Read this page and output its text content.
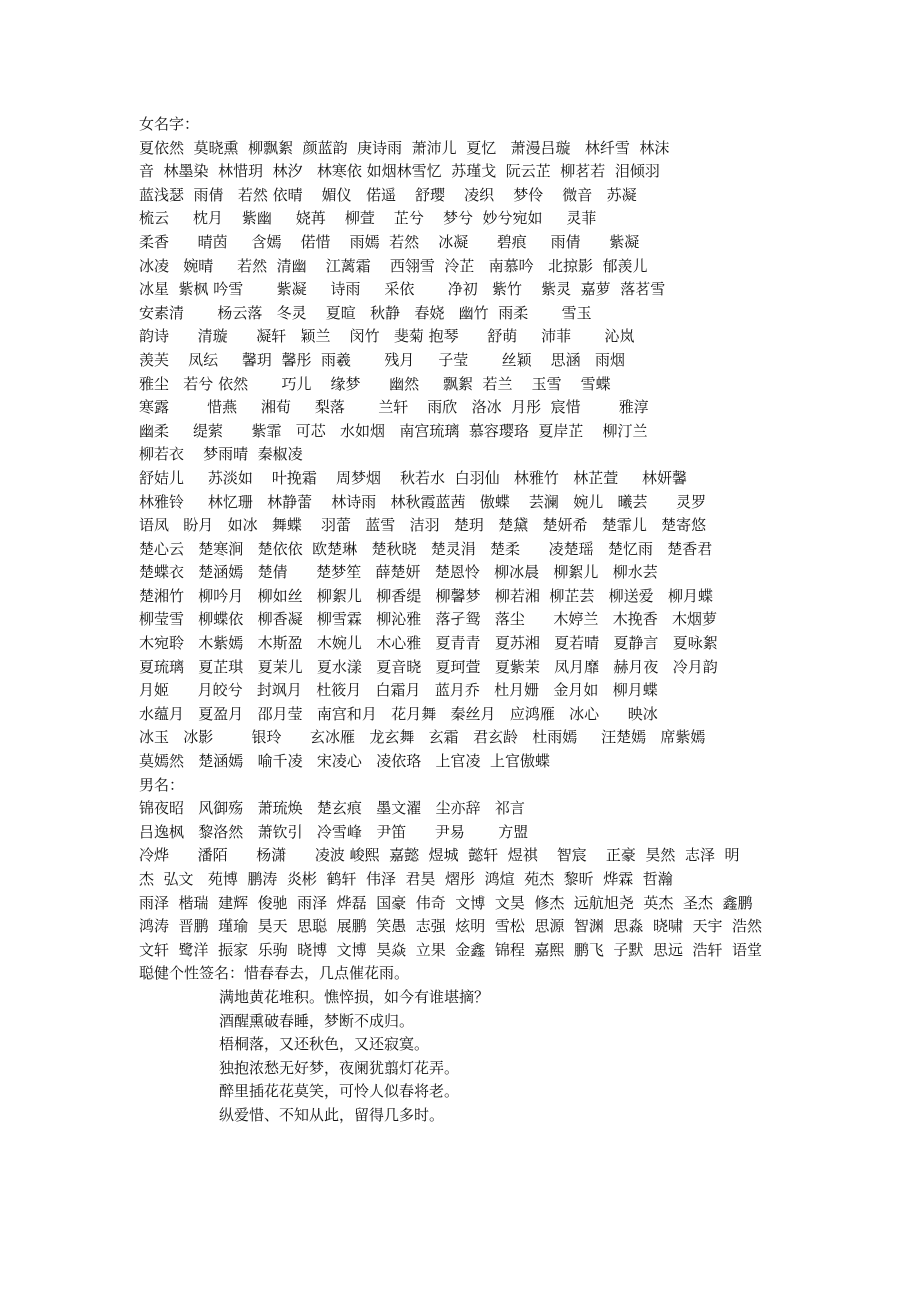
女名字：
夏依然  莫晓熏  柳飘絮  颜蓝韵  庚诗雨  萧沛儿  夏忆   萧漫吕璇   林纤雪  林沫
音  林墨染  林惜玥  林汐   林寒依 如烟林雪忆  苏瑾戈  阮云芷  柳茗若  泪倾羽
蓝浅瑟  雨倩   若然 依晴    媚仪   偌遥    舒璎    凌织    梦伶    微音   苏凝
梳云     枕月    紫幽     娆苒    柳萱    芷兮    梦兮  妙兮宛如     灵菲
柔香      晴茵     含嫣    偌惜    雨嫣  若然    冰凝      碧痕     雨倩      紫凝
冰凌   婉晴     若然  清幽    江蓠霜    西翎雪  泠芷   南慕吟   北掠影  郁羡儿
冰星  紫枫 吟雪       紫凝     诗雨     采依       净初   紫竹    紫灵  嘉萝  落茗雪
安素清       杨云落   冬灵    夏暄   秋静   春娆   幽竹  雨柔       雪玉
韵诗      清璇      凝轩   颖兰    闵竹   斐菊 抱琴      舒萌     沛菲       沁岚
羡芙    凤纭     馨玥  馨彤  雨羲       残月     子莹       丝颖    思涵   雨烟
雅尘   若兮 依然       巧儿    缘梦      幽然     飘絮  若兰    玉雪    雪蝶
寒露        惜燕     湘荀     梨落       兰轩    雨欣   洛冰  月彤  宸惜        雅淳
幽柔     缇萦      紫霏   可芯   水如烟   南宫琉璃  慕容璎珞  夏岸芷    柳汀兰
柳若衣    梦雨晴  秦椒凌
舒姞儿     苏淡如    叶挽霜    周梦烟    秋若水  白羽仙   林雅竹   林芷萱     林妍馨
林雅铃     林忆珊   林静蕾    林诗雨   林秋霞蓝茜   傲蝶    芸澜   婉儿   曦芸      灵罗
语凤   盼月   如冰   舞蝶    羽蕾   蓝雪   洁羽   楚玥   楚黛   楚妍希   楚霏儿   楚寄悠
楚心云   楚寒涧   楚依依  欧楚琳   楚秋晓   楚灵涓   楚柔      凌楚瑶   楚忆雨   楚香君
楚蝶衣   楚涵嫣   楚倩      楚梦笙   薛楚妍   楚恩怜   柳冰晨   柳絮儿   柳水芸
楚湘竹   柳吟月   柳如丝   柳絮儿   柳香缇   柳馨梦   柳若湘  柳芷芸   柳送爱   柳月蝶
柳莹雪   柳蝶依   柳香凝   柳雪霖   柳沁雅   落孑鸳   落尘      木婷兰   木挽香   木烟萝
木宛聆   木紫嫣   木斯盈   木婉儿   木心雅   夏青青   夏苏湘   夏若晴   夏静言   夏咏絮
夏琉璃   夏芷琪   夏茉儿   夏水漾   夏音晓   夏珂萱   夏紫茉   凤月靡   赫月夜   冷月韵
月姬      月皎兮   封飒月   杜筱月   白霜月   蓝月乔   杜月姗   金月如   柳月蝶
水蕴月   夏盈月   邵月莹   南宫和月   花月舞   秦丝月   应鸿雁   冰心      映冰
冰玉   冰影        银玲      玄冰雁   龙玄舞   玄霜   君玄龄   杜雨嫣     汪楚嫣   席紫嫣
莫嫣然   楚涵嫣   喻千凌   宋凌心   凌依珞   上官凌  上官傲蝶
男名：
锦夜昭   风御殇   萧琉焕   楚玄痕   墨文濯   尘亦辞   祁言
吕逸枫   黎洛然   萧钦引   冷雪峰   尹笛      尹易       方盟
冷烨      潘陌      杨潇      凌波 峻熙  嘉懿  煜城  懿轩  煜祺    智宸    正豪  昊然  志泽  明
杰  弘文   苑博  鹏涛  炎彬  鹤轩  伟泽  君昊  熠彤  鸿煊  苑杰  黎昕  烨霖  哲瀚
雨泽  楷瑞  建辉  俊驰  雨泽  烨磊  国豪  伟奇  文博  文昊  修杰  远航旭尧  英杰  圣杰  鑫鹏
鸿涛  晋鹏  瑾瑜  昊天  思聪  展鹏  笑愚  志强  炫明  雪松  思源  智渊  思淼  晓啸  天宇  浩然
文轩  鹭洋  振家  乐驹  晓博  文博  昊焱  立果  金鑫  锦程  嘉熙  鹏飞  子默  思远  浩轩  语堂
聪健个性签名：惜春春去，几点催花雨。
满地黄花堆积。憔悴损，如今有谁堪摘？
酒醒熏破春睡，梦断不成归。
梧桐落，又还秋色，又还寂寞。
独抱浓愁无好梦，夜阑犹翦灯花弄。
醉里插花花莫笑，可怜人似春将老。
纵爱惜、不知从此，留得几多时。
